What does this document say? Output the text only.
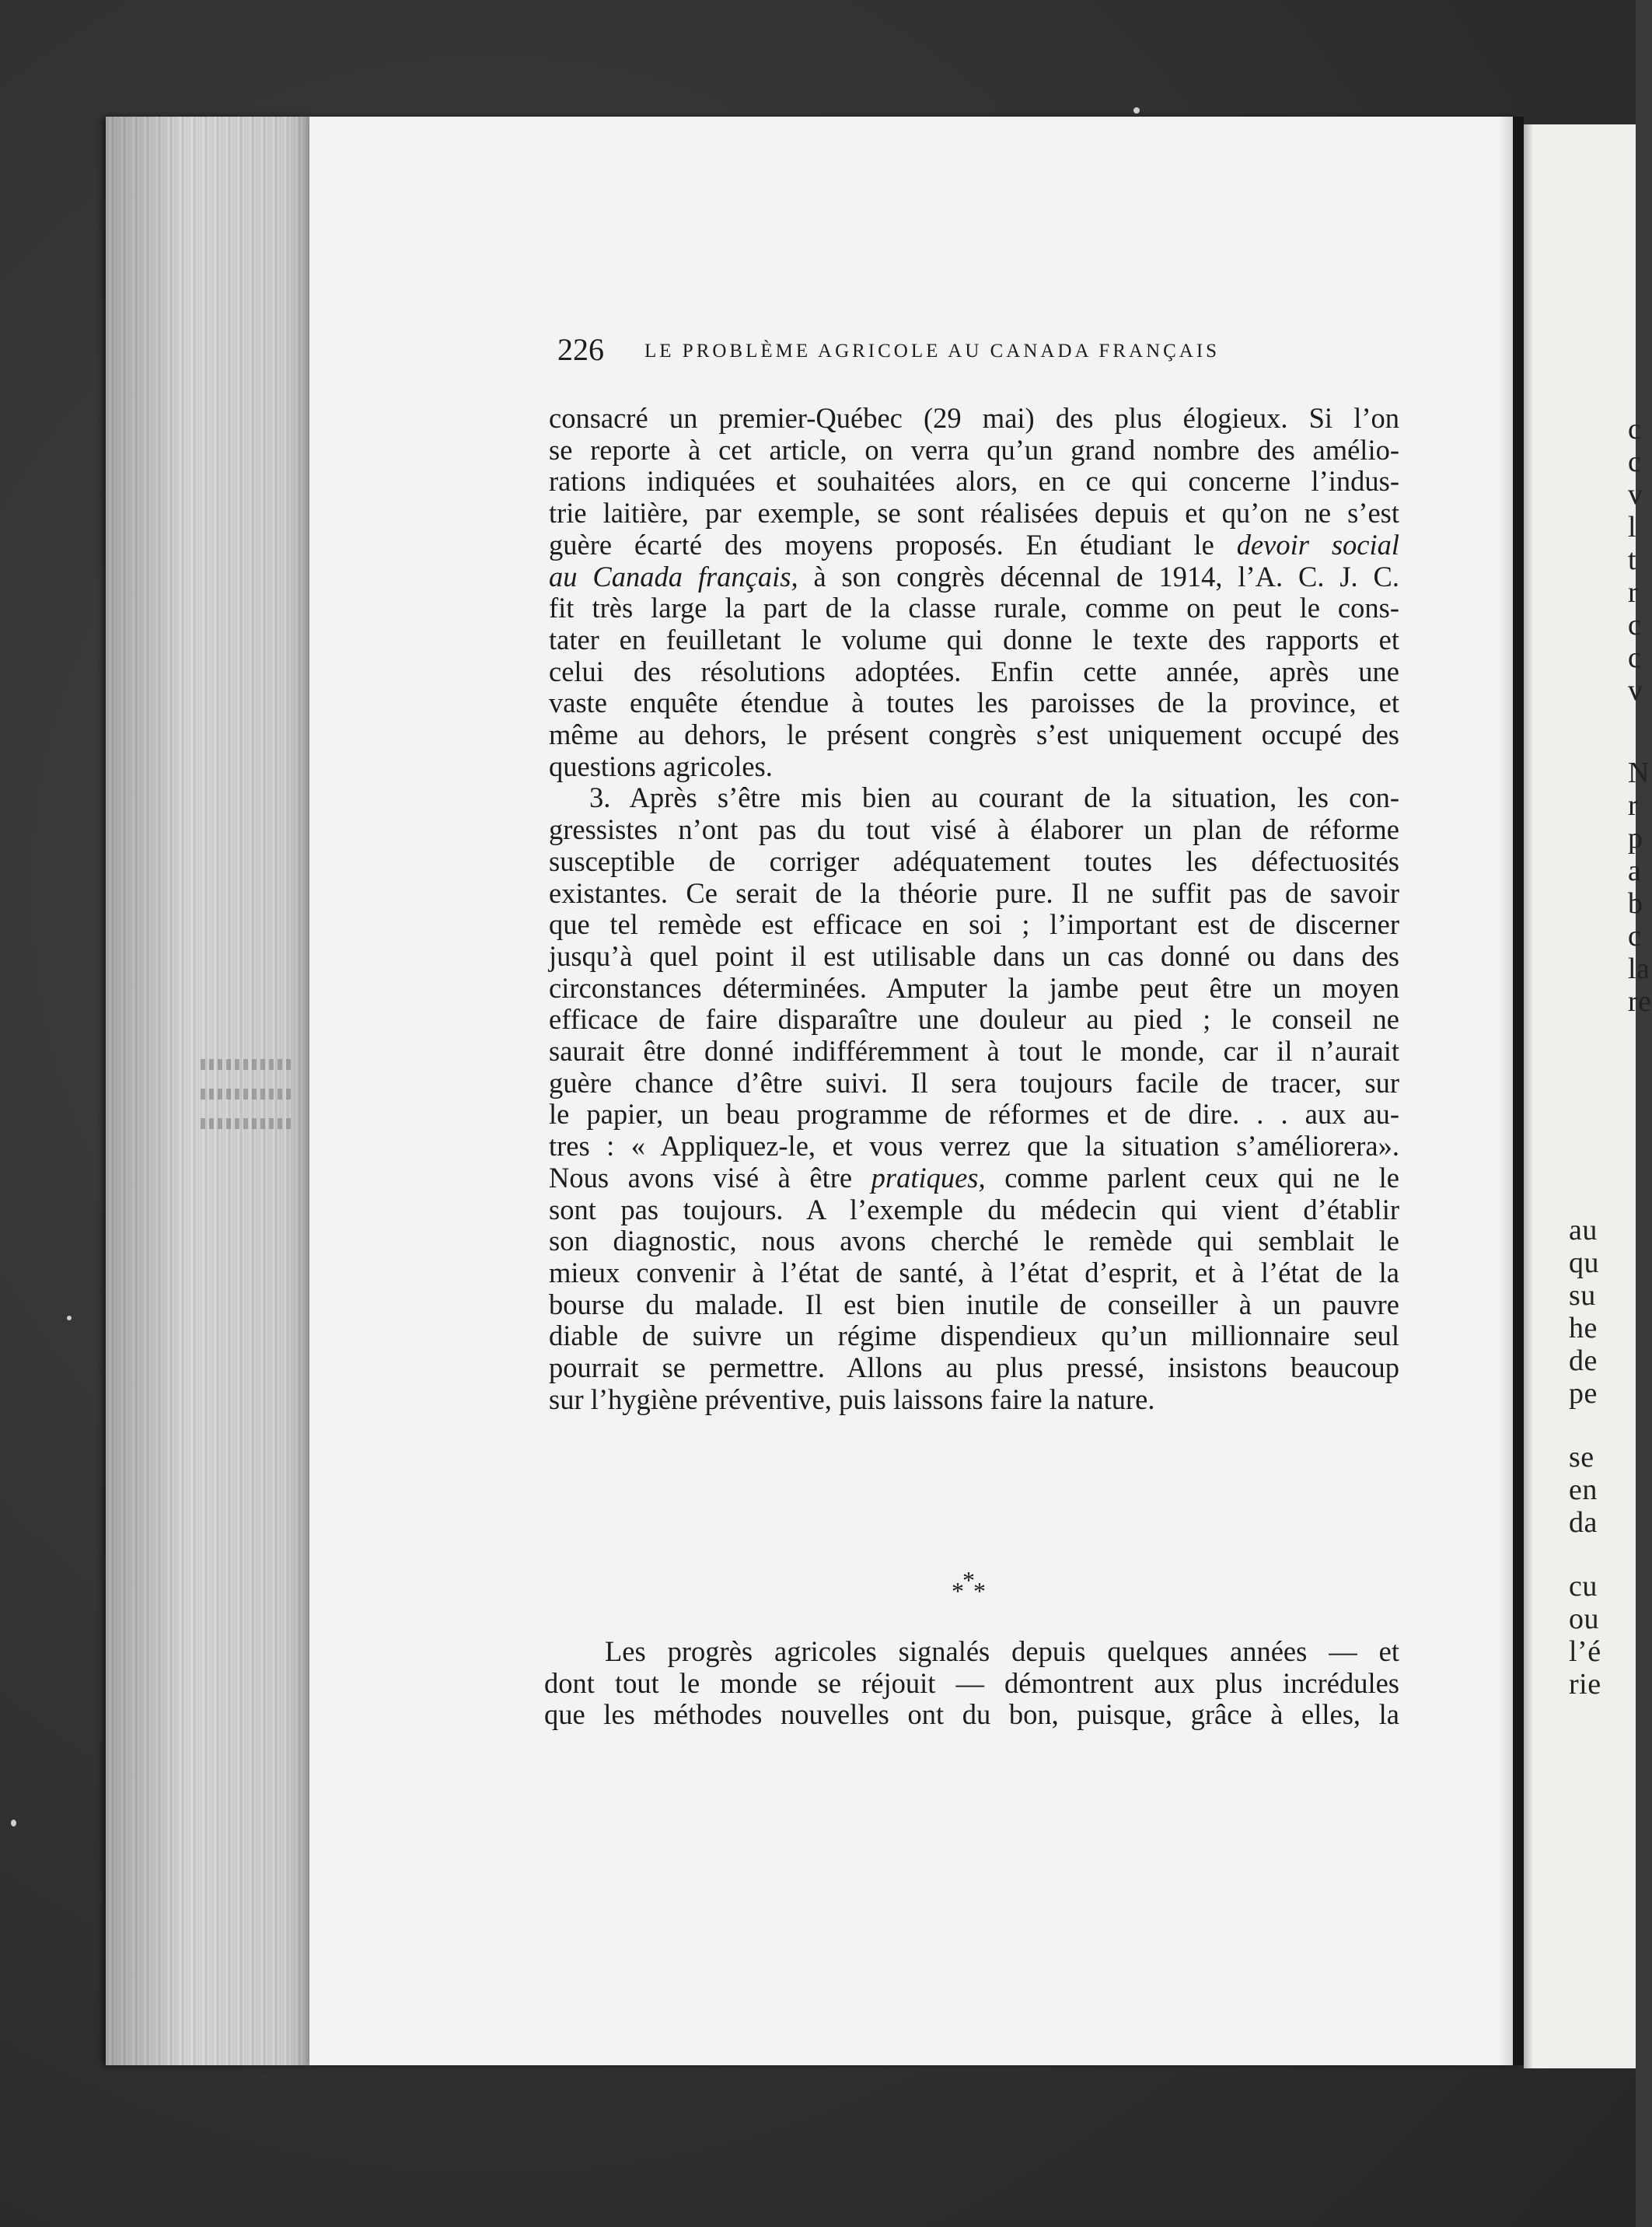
c
c
v
l
t
r
c
c
v
N
r
p
a
b
c
la
re
au
qu
su
he
de
pe
se
en
da
cu
ou
l’é
rie
226 LE PROBLÈME AGRICOLE AU CANADA FRANÇAIS

consacré un premier-Québec (29 mai) des plus élogieux. Si l’on
se reporte à cet article, on verra qu’un grand nombre des amélio-
rations indiquées et souhaitées alors, en ce qui concerne l’indus-
trie laitière, par exemple, se sont réalisées depuis et qu’on ne s’est
guère écarté des moyens proposés. En étudiant le devoir social
au Canada français, à son congrès décennal de 1914, l’A. C. J. C.
fit très large la part de la classe rurale, comme on peut le cons-
tater en feuilletant le volume qui donne le texte des rapports et
celui des résolutions adoptées. Enfin cette année, après une
vaste enquête étendue à toutes les paroisses de la province, et
même au dehors, le présent congrès s’est uniquement occupé des
questions agricoles.

3. Après s’être mis bien au courant de la situation, les con-
gressistes n’ont pas du tout visé à élaborer un plan de réforme
susceptible de corriger adéquatement toutes les défectuosités
existantes. Ce serait de la théorie pure. Il ne suffit pas de savoir
que tel remède est efficace en soi ; l’important est de discerner
jusqu’à quel point il est utilisable dans un cas donné ou dans des
circonstances déterminées. Amputer la jambe peut être un moyen
efficace de faire disparaître une douleur au pied ; le conseil ne
saurait être donné indifféremment à tout le monde, car il n’aurait
guère chance d’être suivi. Il sera toujours facile de tracer, sur
le papier, un beau programme de réformes et de dire. . . aux au-
tres : « Appliquez-le, et vous verrez que la situation s’améliorera».
Nous avons visé à être pratiques, comme parlent ceux qui ne le
sont pas toujours. A l’exemple du médecin qui vient d’établir
son diagnostic, nous avons cherché le remède qui semblait le
mieux convenir à l’état de santé, à l’état d’esprit, et à l’état de la
bourse du malade. Il est bien inutile de conseiller à un pauvre
diable de suivre un régime dispendieux qu’un millionnaire seul
pourrait se permettre. Allons au plus pressé, insistons beaucoup
sur l’hygiène préventive, puis laissons faire la nature.

*
*
*
Les progrès agricoles signalés depuis quelques années — et
dont tout le monde se réjouit — démontrent aux plus incrédules
que les méthodes nouvelles ont du bon, puisque, grâce à elles, la
